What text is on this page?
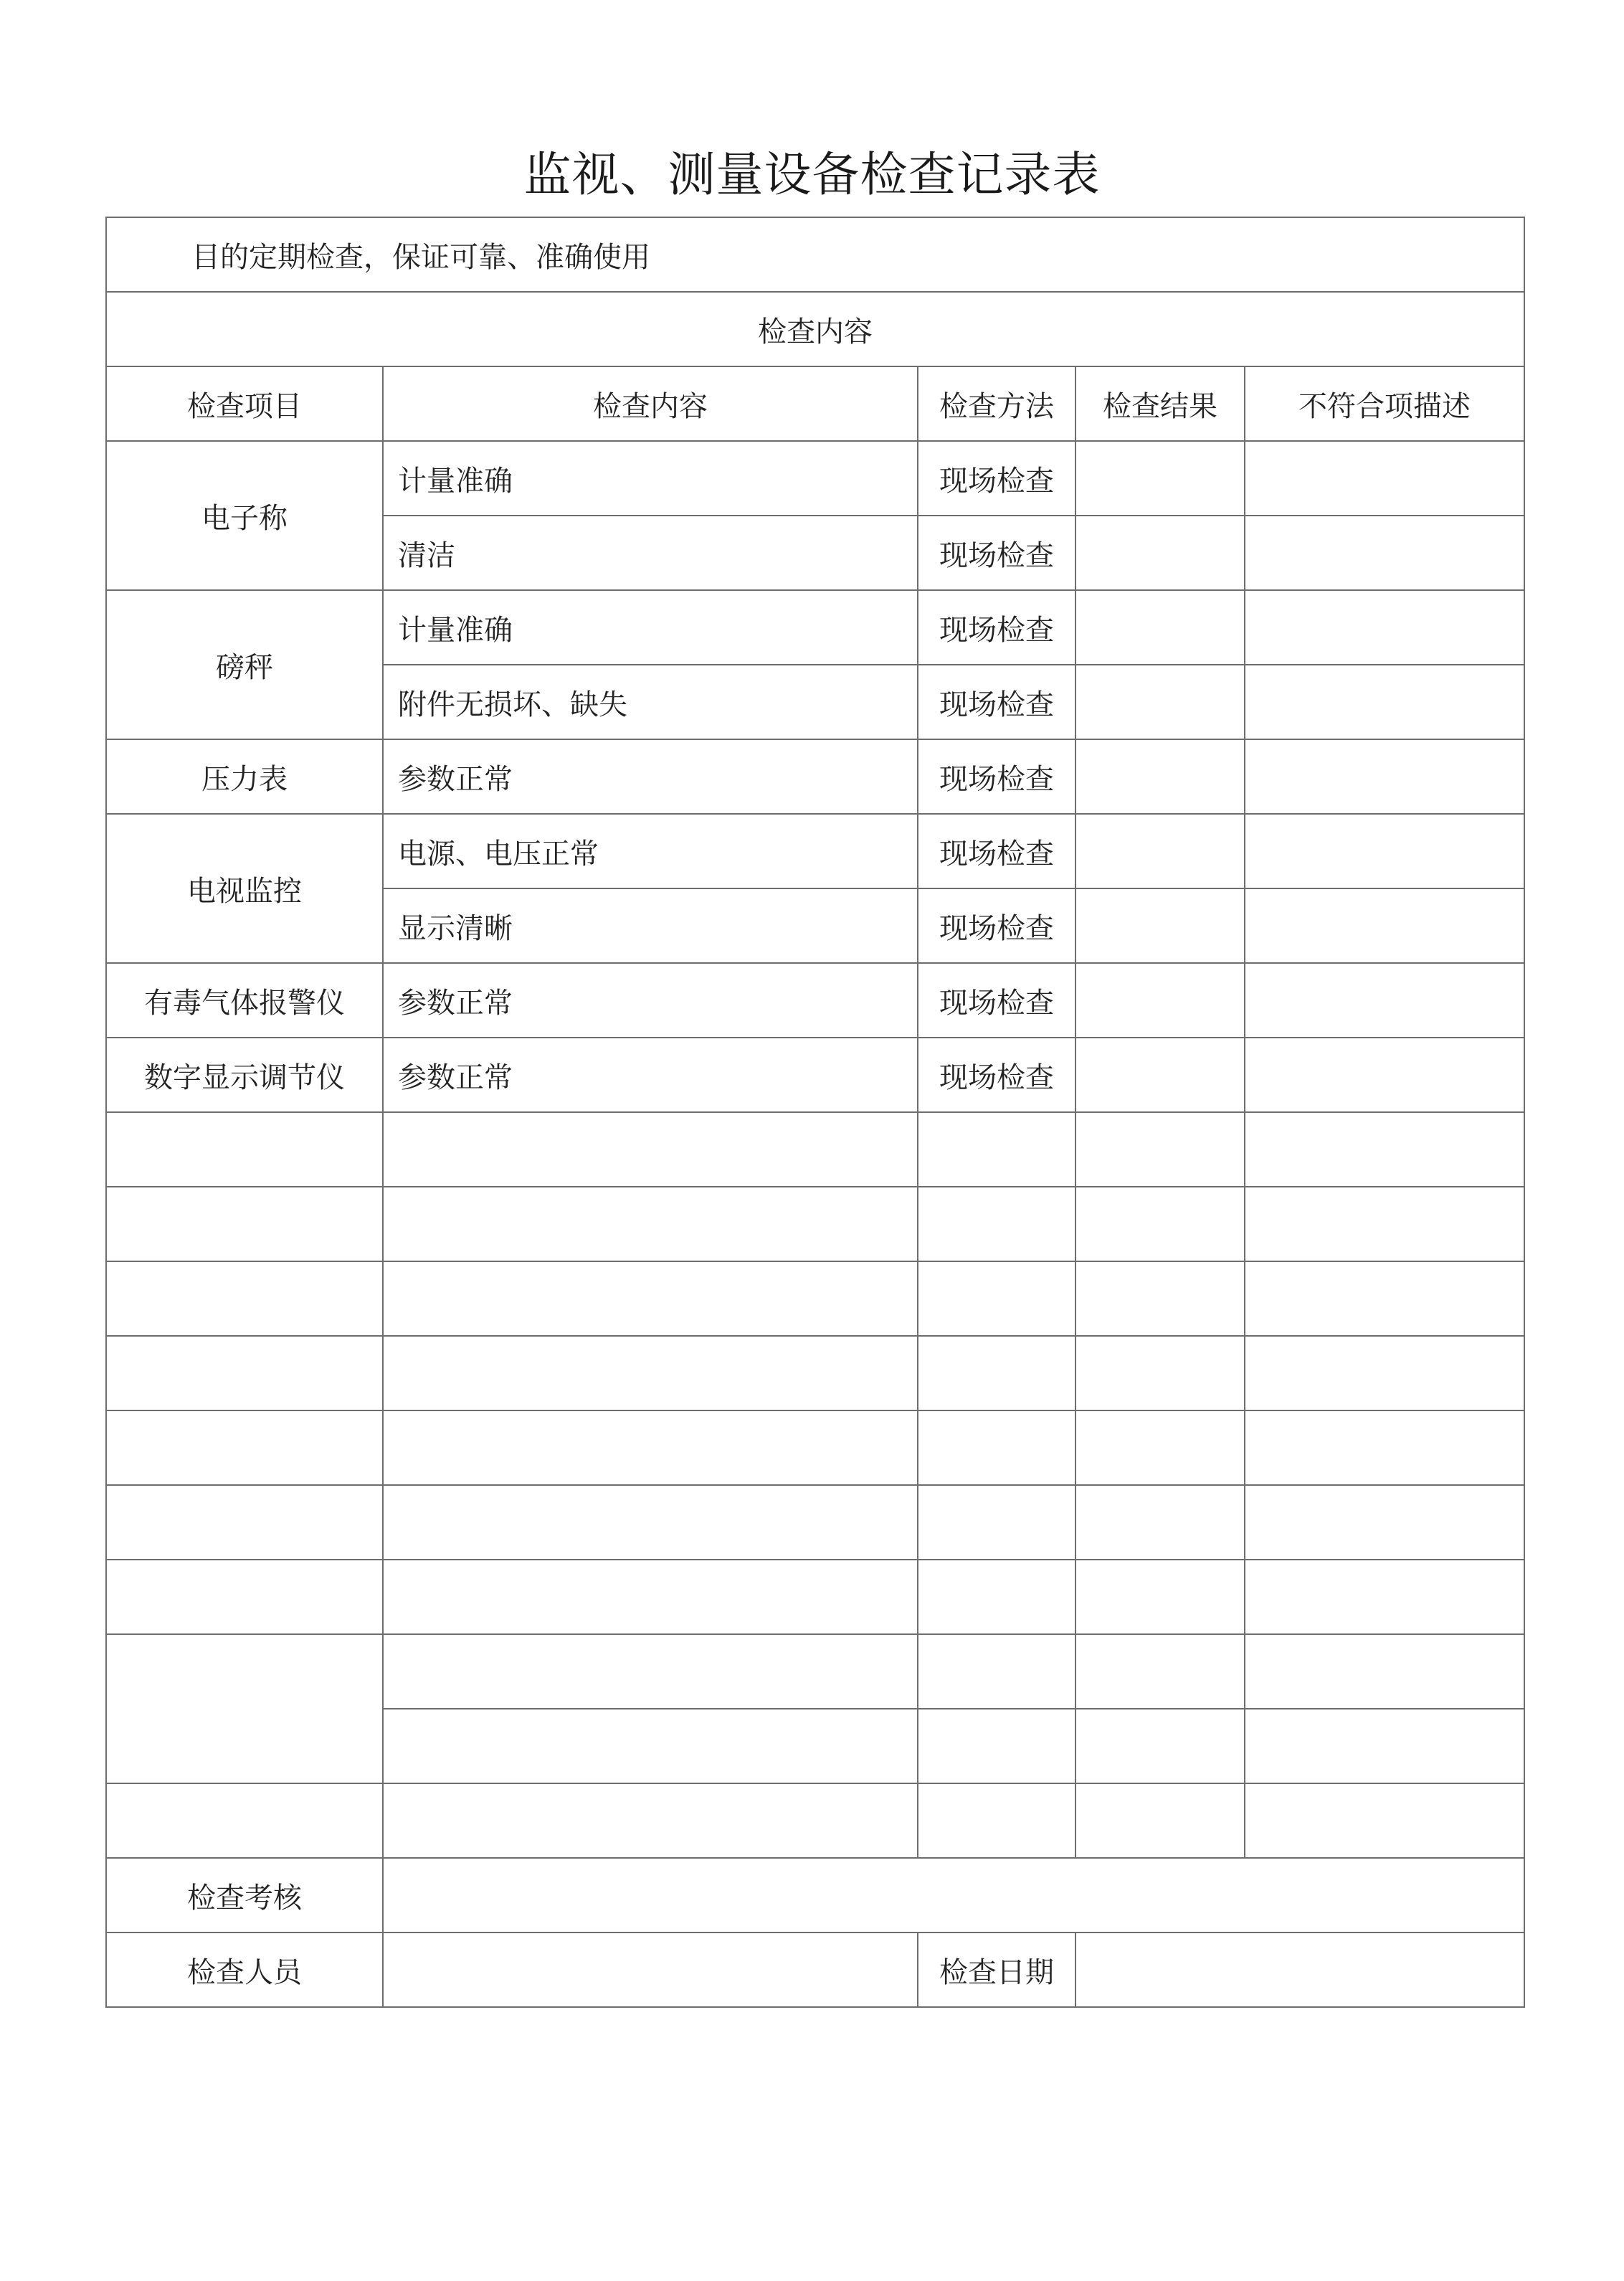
监视、测量设备检查记录表
目的定期检查，保证可靠、准确使用				
检查内容				
检查项目	检查内容	检查方法	检查结果	不符合项描述
电子称	计量准确	现场检查		
	清洁	现场检查		
磅秤	计量准确	现场检查		
	附件无损坏、缺失	现场检查		
压力表	参数正常	现场检查		
电视监控	电源、电压正常	现场检查		
	显示清晰	现场检查		
有毒气体报警仪	参数正常	现场检查		
数字显示调节仪	参数正常	现场检查		

检查考核				
检查人员		检查日期		
